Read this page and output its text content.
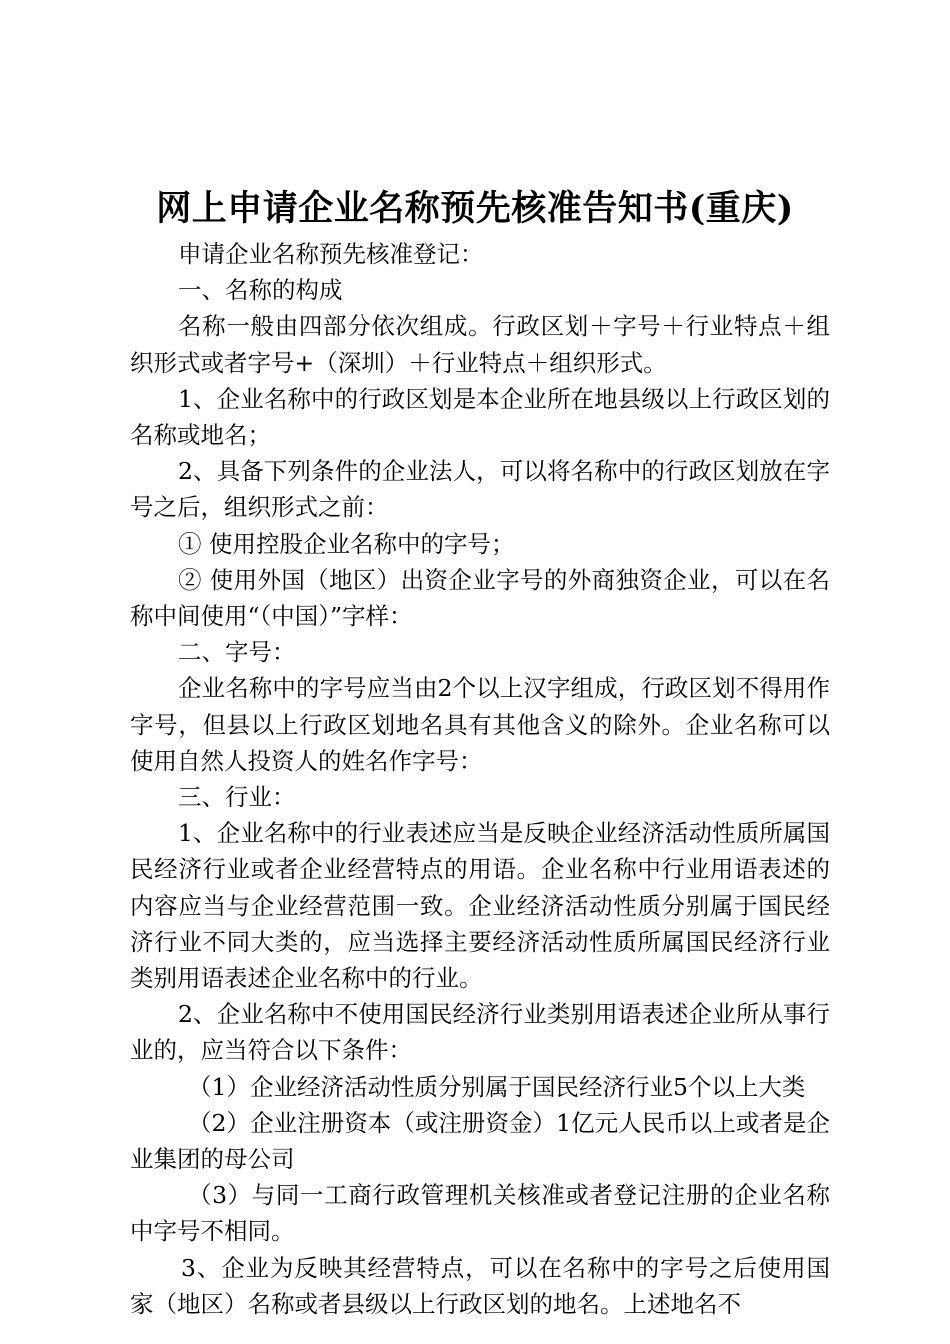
网上申请企业名称预先核准告知书(重庆)

申请企业名称预先核准登记：

一、名称的构成

名称一般由四部分依次组成。行政区划＋字号＋行业特点＋组织形式或者字号+（深圳）＋行业特点＋组织形式。

1、企业名称中的行政区划是本企业所在地县级以上行政区划的名称或地名；

2、具备下列条件的企业法人，可以将名称中的行政区划放在字号之后，组织形式之前：

① 使用控股企业名称中的字号；

② 使用外国（地区）出资企业字号的外商独资企业，可以在名称中间使用“（中国）”字样：

二、字号：

企业名称中的字号应当由2个以上汉字组成，行政区划不得用作字号，但县以上行政区划地名具有其他含义的除外。企业名称可以使用自然人投资人的姓名作字号：

三、行业：

1、企业名称中的行业表述应当是反映企业经济活动性质所属国民经济行业或者企业经营特点的用语。企业名称中行业用语表述的内容应当与企业经营范围一致。企业经济活动性质分别属于国民经济行业不同大类的，应当选择主要经济活动性质所属国民经济行业类别用语表述企业名称中的行业。

2、企业名称中不使用国民经济行业类别用语表述企业所从事行业的，应当符合以下条件：

（1）企业经济活动性质分别属于国民经济行业5个以上大类

（2）企业注册资本（或注册资金）1亿元人民币以上或者是企业集团的母公司

（3）与同一工商行政管理机关核准或者登记注册的企业名称中字号不相同。

3、企业为反映其经营特点，可以在名称中的字号之后使用国家（地区）名称或者县级以上行政区划的地名。上述地名不
